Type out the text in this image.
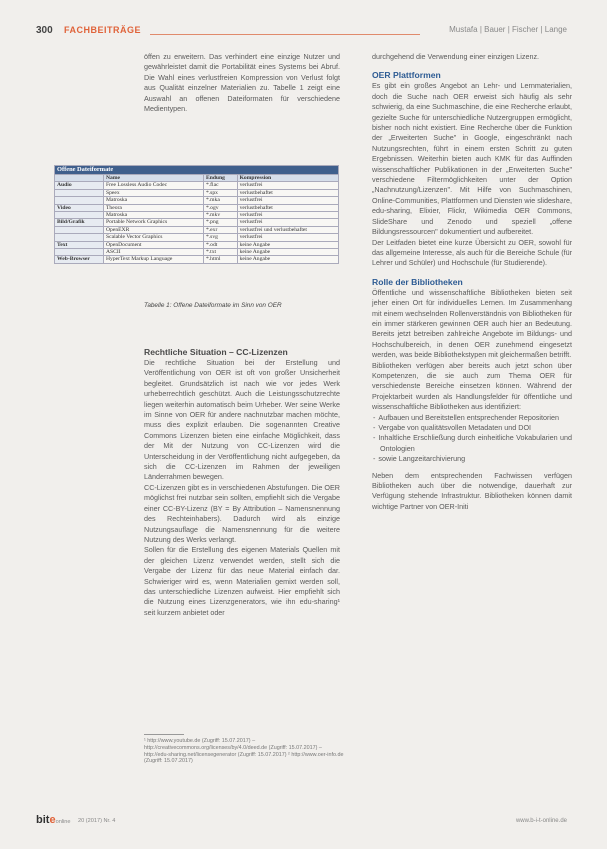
300 FACHBEITRÄGE	Mustafa | Bauer | Fischer | Lange

öffen zu erweitern. Das verhindert eine einzige Nutzer und gewährleistet damit die Portabilität eines Systems bei Abruf. Die Wahl eines verlustfreien Kompression von Verlust folgt aus Qualität einzelner Materialien zu. Tabelle 1 zeigt eine Auswahl an offenen Dateiformaten für verschiedene Medientypen.

Offene Dateiformate			
	Name	Endung	Kompression
Audio	Free Lossless Audio Codec	*.flac	verlustfrei
	Speex	*.spx	verlustbehaftet
	Matroska	*.mka	verlustfrei
Video	Theora	*.ogv	verlustbehaftet
	Matroska	*.mkv	verlustfrei
Bild/Grafik	Portable Network Graphics	*.png	verlustfrei
	OpenEXR	*.exr	verlustfrei und verlustbehaftet
	Scalable Vector Graphics	*.svg	verlustfrei
Text	OpenDocument	*.odt	keine Angabe
	ASCII	*.txt	keine Angabe
Web-Browser	HyperText Markup Language	*.html	keine Angabe
Tabelle 1: Offene Dateiformate im Sinn von OER
Rechtliche Situation – CC-Lizenzen

Die rechtliche Situation bei der Erstellung und Veröffentlichung von OER ist oft von großer Unsicherheit begleitet. Grundsätzlich ist nach wie vor jedes Werk urheberrechtlich geschützt. Auch die Leistungsschutzrechte liegen weiterhin automatisch beim Urheber. Wer seine Werke im Sinne von OER für andere nachnutzbar machen möchte, muss dies explizit erlauben. Die sogenannten Creative Commons Lizenzen bieten eine einfache Möglichkeit, dass der Mit der Nutzung von CC-Lizenzen wird die Unterscheidung in der Veröffentlichung nicht aufgegeben, da sich die CC-Lizenzen im Rahmen der jeweiligen Länderrahmen bewegen.

CC-Lizenzen gibt es in verschiedenen Abstufungen. Die OER möglichst frei nutzbar sein sollten, empfiehlt sich die Vergabe einer CC-BY-Lizenz (BY = By Attribution – Namensnennung des Rechteinhabers). Dadurch wird als einzige Nutzungsauflage die Namensnennung für die weitere Nutzung des Werks verlangt.

Sollen für die Erstellung des eigenen Materials Quellen mit der gleichen Lizenz verwendet werden, stellt sich die Vergabe der Lizenz für das neue Material einfach dar. Schwieriger wird es, wenn Materialien gemixt werden soll, das unterschiedliche Lizenzen aufweist. Hier empfiehlt sich die Nutzung eines Lizenzgenerators, wie ihn edu-sharing¹ seit kurzem anbietet oder

¹ http://www.youtube.de (Zugriff: 15.07.2017) – http://creativecommons.org/licenses/by/4.0/deed.de (Zugriff: 15.07.2017) – http://edu-sharing.net/licensegenerator (Zugriff: 15.07.2017) ² http://www.oer-info.de (Zugriff: 15.07.2017)

durchgehend die Verwendung einer einzigen Lizenz.

OER Plattformen

Es gibt ein großes Angebot an Lehr- und Lernmaterialien, doch die Suche nach OER erweist sich häufig als sehr schwierig, da eine Suchmaschine, die eine Recherche erlaubt, gezielte Suche für unterschiedliche Nutzergruppen ermöglicht, bisher noch nicht existiert. Eine Recherche über die Funktion der „Erweiterten Suche" in Google, eingeschränkt nach Nutzungsrechten, führt in einem ersten Schritt zu guten Ergebnissen. Weiterhin bieten auch KMK für das Auffinden wissenschaftlicher Publikationen in der „Erweiterten Suche" verschiedene Filtermöglichkeiten unter der Option „Nachnutzung/Lizenzen". Mit Hilfe von Suchmaschinen, Online-Communities, Plattformen und Diensten wie slideshare, edu-sharing, Elixier, Flickr, Wikimedia OER Commons, SlideShare und Zenodo und speziell „offene Bildungsressourcen" dokumentiert und aufbereitet.

Der Leitfaden bietet eine kurze Übersicht zu OER, sowohl für das allgemeine Interesse, als auch für die Bereiche Schule (für Lehrer und Schüler) und Hochschule (für Studierende).

Rolle der Bibliotheken

Öffentliche und wissenschaftliche Bibliotheken bieten seit jeher einen Ort für individuelles Lernen. Im Zusammenhang mit einem wechselnden Rollenverständnis von Bibliotheken für ein immer stärkeren gewinnen OER auch hier an Bedeutung. Bereits jetzt betreiben zahlreiche Angebote im Bildungs- und Hochschulbereich, in denen OER zunehmend eingesetzt werden, was beide Bibliothekstypen mit gleichermaßen betrifft.

Bibliotheken verfügen aber bereits auch jetzt schon über Kompetenzen, die sie auch zum Thema OER für verschiedenste Bereiche einsetzen können. Während der Projektarbeit wurden als Handlungsfelder für öffentliche und wissenschaftliche Bibliotheken aus identifiziert:

- Aufbauen und Bereitstellen entsprechender Repositorien
- Vergabe von qualitätsvollen Metadaten und DOI
- Inhaltliche Erschließung durch einheitliche Vokabularien und Ontologien
- sowie Langzeitarchivierung

Neben dem entsprechenden Fachwissen verfügen Bibliotheken auch über die notwendige, dauerhaft zur Verfügung stehende Infrastruktur. Bibliotheken können damit wichtige Partner von OER-Initi

biteonline 20 (2017) Nr. 4	www.b-i-t-online.de
